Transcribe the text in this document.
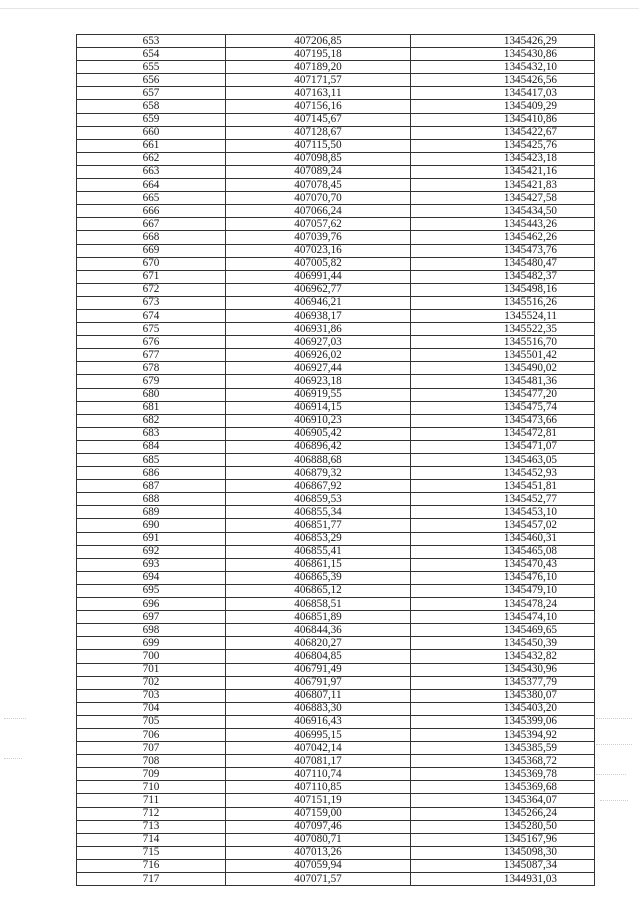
653	407206,85	1345426,29
654	407195,18	1345430,86
655	407189,20	1345432,10
656	407171,57	1345426,56
657	407163,11	1345417,03
658	407156,16	1345409,29
659	407145,67	1345410,86
660	407128,67	1345422,67
661	407115,50	1345425,76
662	407098,85	1345423,18
663	407089,24	1345421,16
664	407078,45	1345421,83
665	407070,70	1345427,58
666	407066,24	1345434,50
667	407057,62	1345443,26
668	407039,76	1345462,26
669	407023,16	1345473,76
670	407005,82	1345480,47
671	406991,44	1345482,37
672	406962,77	1345498,16
673	406946,21	1345516,26
674	406938,17	1345524,11
675	406931,86	1345522,35
676	406927,03	1345516,70
677	406926,02	1345501,42
678	406927,44	1345490,02
679	406923,18	1345481,36
680	406919,55	1345477,20
681	406914,15	1345475,74
682	406910,23	1345473,66
683	406905,42	1345472,81
684	406896,42	1345471,07
685	406888,68	1345463,05
686	406879,32	1345452,93
687	406867,92	1345451,81
688	406859,53	1345452,77
689	406855,34	1345453,10
690	406851,77	1345457,02
691	406853,29	1345460,31
692	406855,41	1345465,08
693	406861,15	1345470,43
694	406865,39	1345476,10
695	406865,12	1345479,10
696	406858,51	1345478,24
697	406851,89	1345474,10
698	406844,36	1345469,65
699	406820,27	1345450,39
700	406804,85	1345432,82
701	406791,49	1345430,96
702	406791,97	1345377,79
703	406807,11	1345380,07
704	406883,30	1345403,20
705	406916,43	1345399,06
706	406995,15	1345394,92
707	407042,14	1345385,59
708	407081,17	1345368,72
709	407110,74	1345369,78
710	407110,85	1345369,68
711	407151,19	1345364,07
712	407159,00	1345266,24
713	407097,46	1345280,50
714	407080,71	1345167,96
715	407013,26	1345098,30
716	407059,94	1345087,34
717	407071,57	1344931,03
